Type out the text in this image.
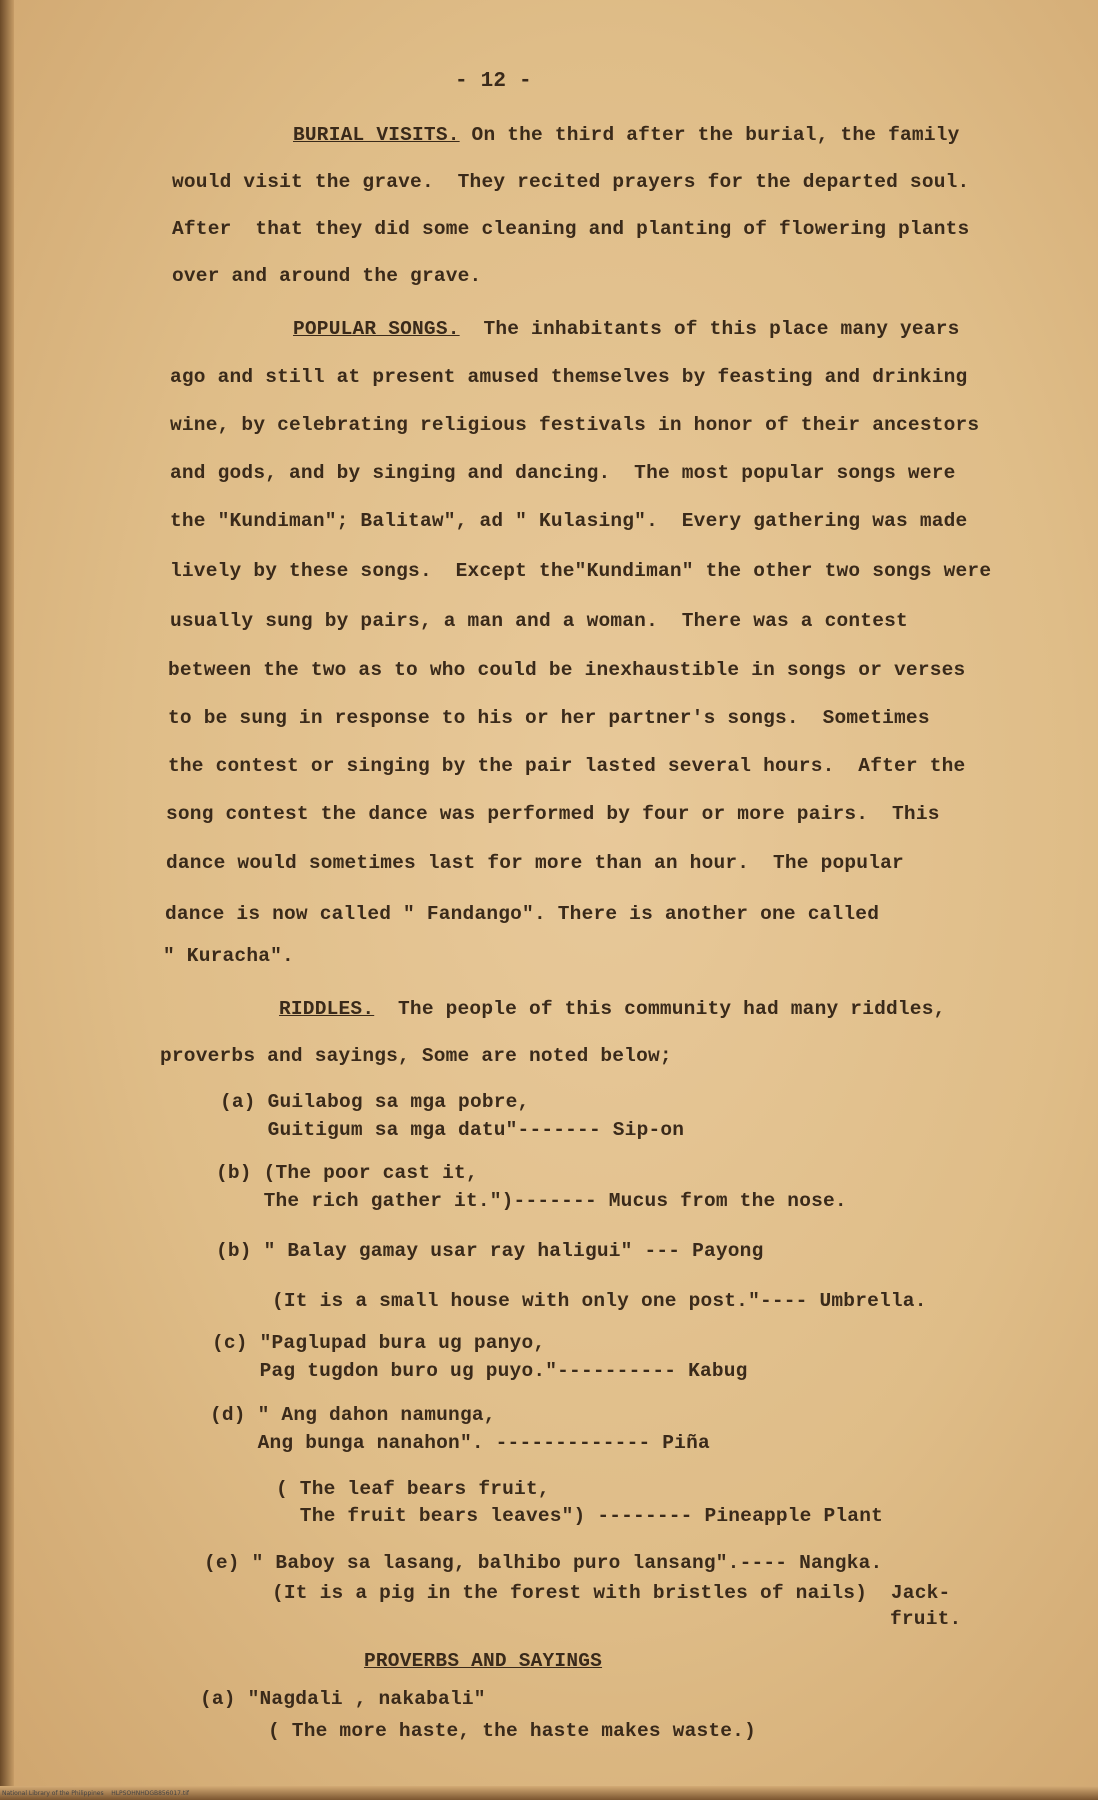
- 12 -
BURIAL VISITS. On the third after the burial, the family
would visit the grave.  They recited prayers for the departed soul.
After  that they did some cleaning and planting of flowering plants
over and around the grave.
POPULAR SONGS.  The inhabitants of this place many years
ago and still at present amused themselves by feasting and drinking
wine, by celebrating religious festivals in honor of their ancestors
and gods, and by singing and dancing.  The most popular songs were
the "Kundiman"; Balitaw", ad " Kulasing".  Every gathering was made
lively by these songs.  Except the"Kundiman" the other two songs were
usually sung by pairs, a man and a woman.  There was a contest
between the two as to who could be inexhaustible in songs or verses
to be sung in response to his or her partner's songs.  Sometimes
the contest or singing by the pair lasted several hours.  After the
song contest the dance was performed by four or more pairs.  This
dance would sometimes last for more than an hour.  The popular
dance is now called " Fandango". There is another one called
" Kuracha".
RIDDLES.  The people of this community had many riddles,
proverbs and sayings, Some are noted below;
(a) Guilabog sa mga pobre,
Guitigum sa mga datu"------- Sip-on
(b) (The poor cast it,
The rich gather it.")------- Mucus from the nose.
(b) " Balay gamay usar ray haligui" --- Payong
(It is a small house with only one post."---- Umbrella.
(c) "Paglupad bura ug panyo,
Pag tugdon buro ug puyo."---------- Kabug
(d) " Ang dahon namunga,
Ang bunga nanahon". ------------- Piña
( The leaf bears fruit,
The fruit bears leaves") -------- Pineapple Plant
(e) " Baboy sa lasang, balhibo puro lansang".---- Nangka.
(It is a pig in the forest with bristles of nails)  Jack-
fruit.
PROVERBS AND SAYINGS
(a) "Nagdali , nakabali"
( The more haste, the haste makes waste.)
National Library of the Philippines    HLPSOHNHDGB856017.tif
